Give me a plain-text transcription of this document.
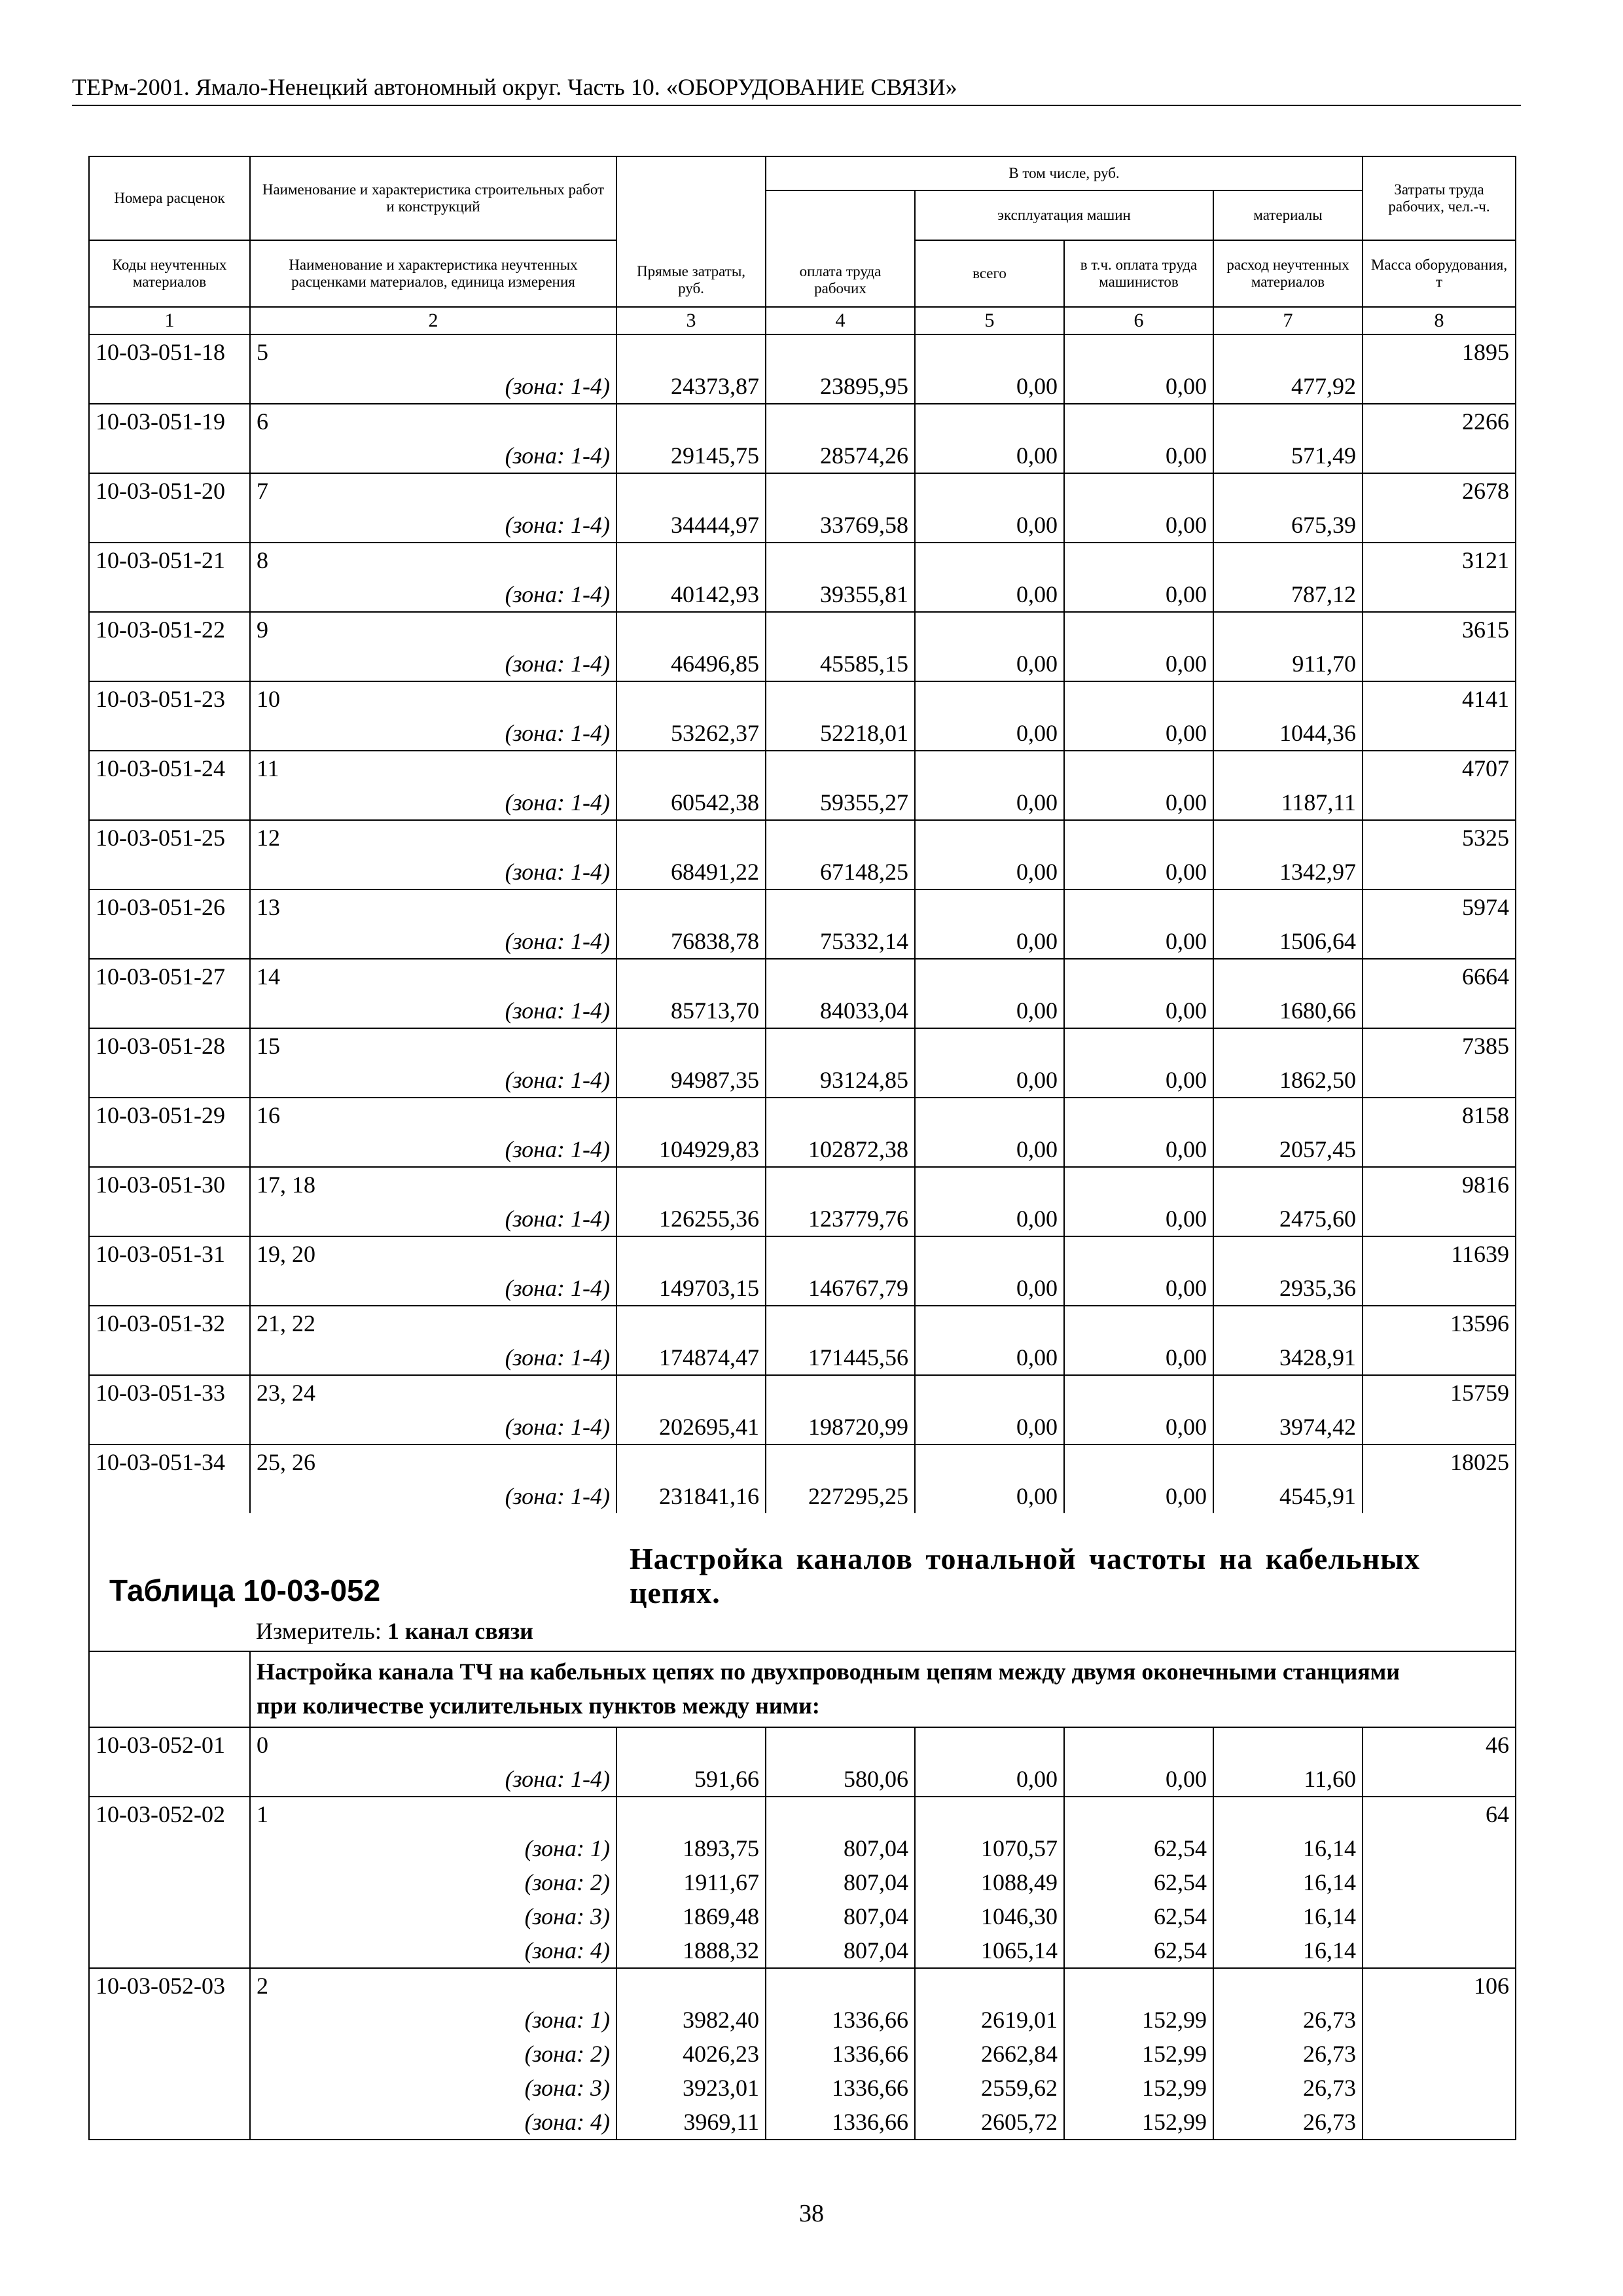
ТЕРм-2001. Ямало-Ненецкий автономный округ. Часть 10. «ОБОРУДОВАНИЕ СВЯЗИ»
Номера расценок	Наименование и характеристика строительных работ и конструкций	Прямые затраты, руб.	В том числе, руб.				Затраты труда рабочих, чел.-ч.
			оплата труда рабочих	эксплуатация машин		материалы	
Коды неучтенных материалов	Наименование и характеристика неучтенных расценками материалов, единица измерения			всего	в т.ч. оплата труда машинистов	расход неучтенных материалов	Масса оборудования, т
1	2	3	4	5	6	7	8
10-03-051-18	5						1895
	(зона: 1-4)	24373,87	23895,95	0,00	0,00	477,92	
10-03-051-19	6						2266
	(зона: 1-4)	29145,75	28574,26	0,00	0,00	571,49	
10-03-051-20	7						2678
	(зона: 1-4)	34444,97	33769,58	0,00	0,00	675,39	
10-03-051-21	8						3121
	(зона: 1-4)	40142,93	39355,81	0,00	0,00	787,12	
10-03-051-22	9						3615
	(зона: 1-4)	46496,85	45585,15	0,00	0,00	911,70	
10-03-051-23	10						4141
	(зона: 1-4)	53262,37	52218,01	0,00	0,00	1044,36	
10-03-051-24	11						4707
	(зона: 1-4)	60542,38	59355,27	0,00	0,00	1187,11	
10-03-051-25	12						5325
	(зона: 1-4)	68491,22	67148,25	0,00	0,00	1342,97	
10-03-051-26	13						5974
	(зона: 1-4)	76838,78	75332,14	0,00	0,00	1506,64	
10-03-051-27	14						6664
	(зона: 1-4)	85713,70	84033,04	0,00	0,00	1680,66	
10-03-051-28	15						7385
	(зона: 1-4)	94987,35	93124,85	0,00	0,00	1862,50	
10-03-051-29	16						8158
	(зона: 1-4)	104929,83	102872,38	0,00	0,00	2057,45	
10-03-051-30	17, 18						9816
	(зона: 1-4)	126255,36	123779,76	0,00	0,00	2475,60	
10-03-051-31	19, 20						11639
	(зона: 1-4)	149703,15	146767,79	0,00	0,00	2935,36	
10-03-051-32	21, 22						13596
	(зона: 1-4)	174874,47	171445,56	0,00	0,00	3428,91	
10-03-051-33	23, 24						15759
	(зона: 1-4)	202695,41	198720,99	0,00	0,00	3974,42	
10-03-051-34	25, 26						18025
	(зона: 1-4)	231841,16	227295,25	0,00	0,00	4545,91	
Таблица 10-03-052		Настройка каналов тональной частоты на кабельных цепях.					

	Измеритель: 1 канал связи						
	Настройка канала ТЧ на кабельных цепях по двухпроводным цепям между двумя оконечными станциями при количестве усилительных пунктов между ними:						
10-03-052-01	0						46
	(зона: 1-4)	591,66	580,06	0,00	0,00	11,60	
10-03-052-02	1						64
	(зона: 1)	1893,75	807,04	1070,57	62,54	16,14	
	(зона: 2)	1911,67	807,04	1088,49	62,54	16,14	
	(зона: 3)	1869,48	807,04	1046,30	62,54	16,14	
	(зона: 4)	1888,32	807,04	1065,14	62,54	16,14	
10-03-052-03	2						106
	(зона: 1)	3982,40	1336,66	2619,01	152,99	26,73	
	(зона: 2)	4026,23	1336,66	2662,84	152,99	26,73	
	(зона: 3)	3923,01	1336,66	2559,62	152,99	26,73	
	(зона: 4)	3969,11	1336,66	2605,72	152,99	26,73	
38
